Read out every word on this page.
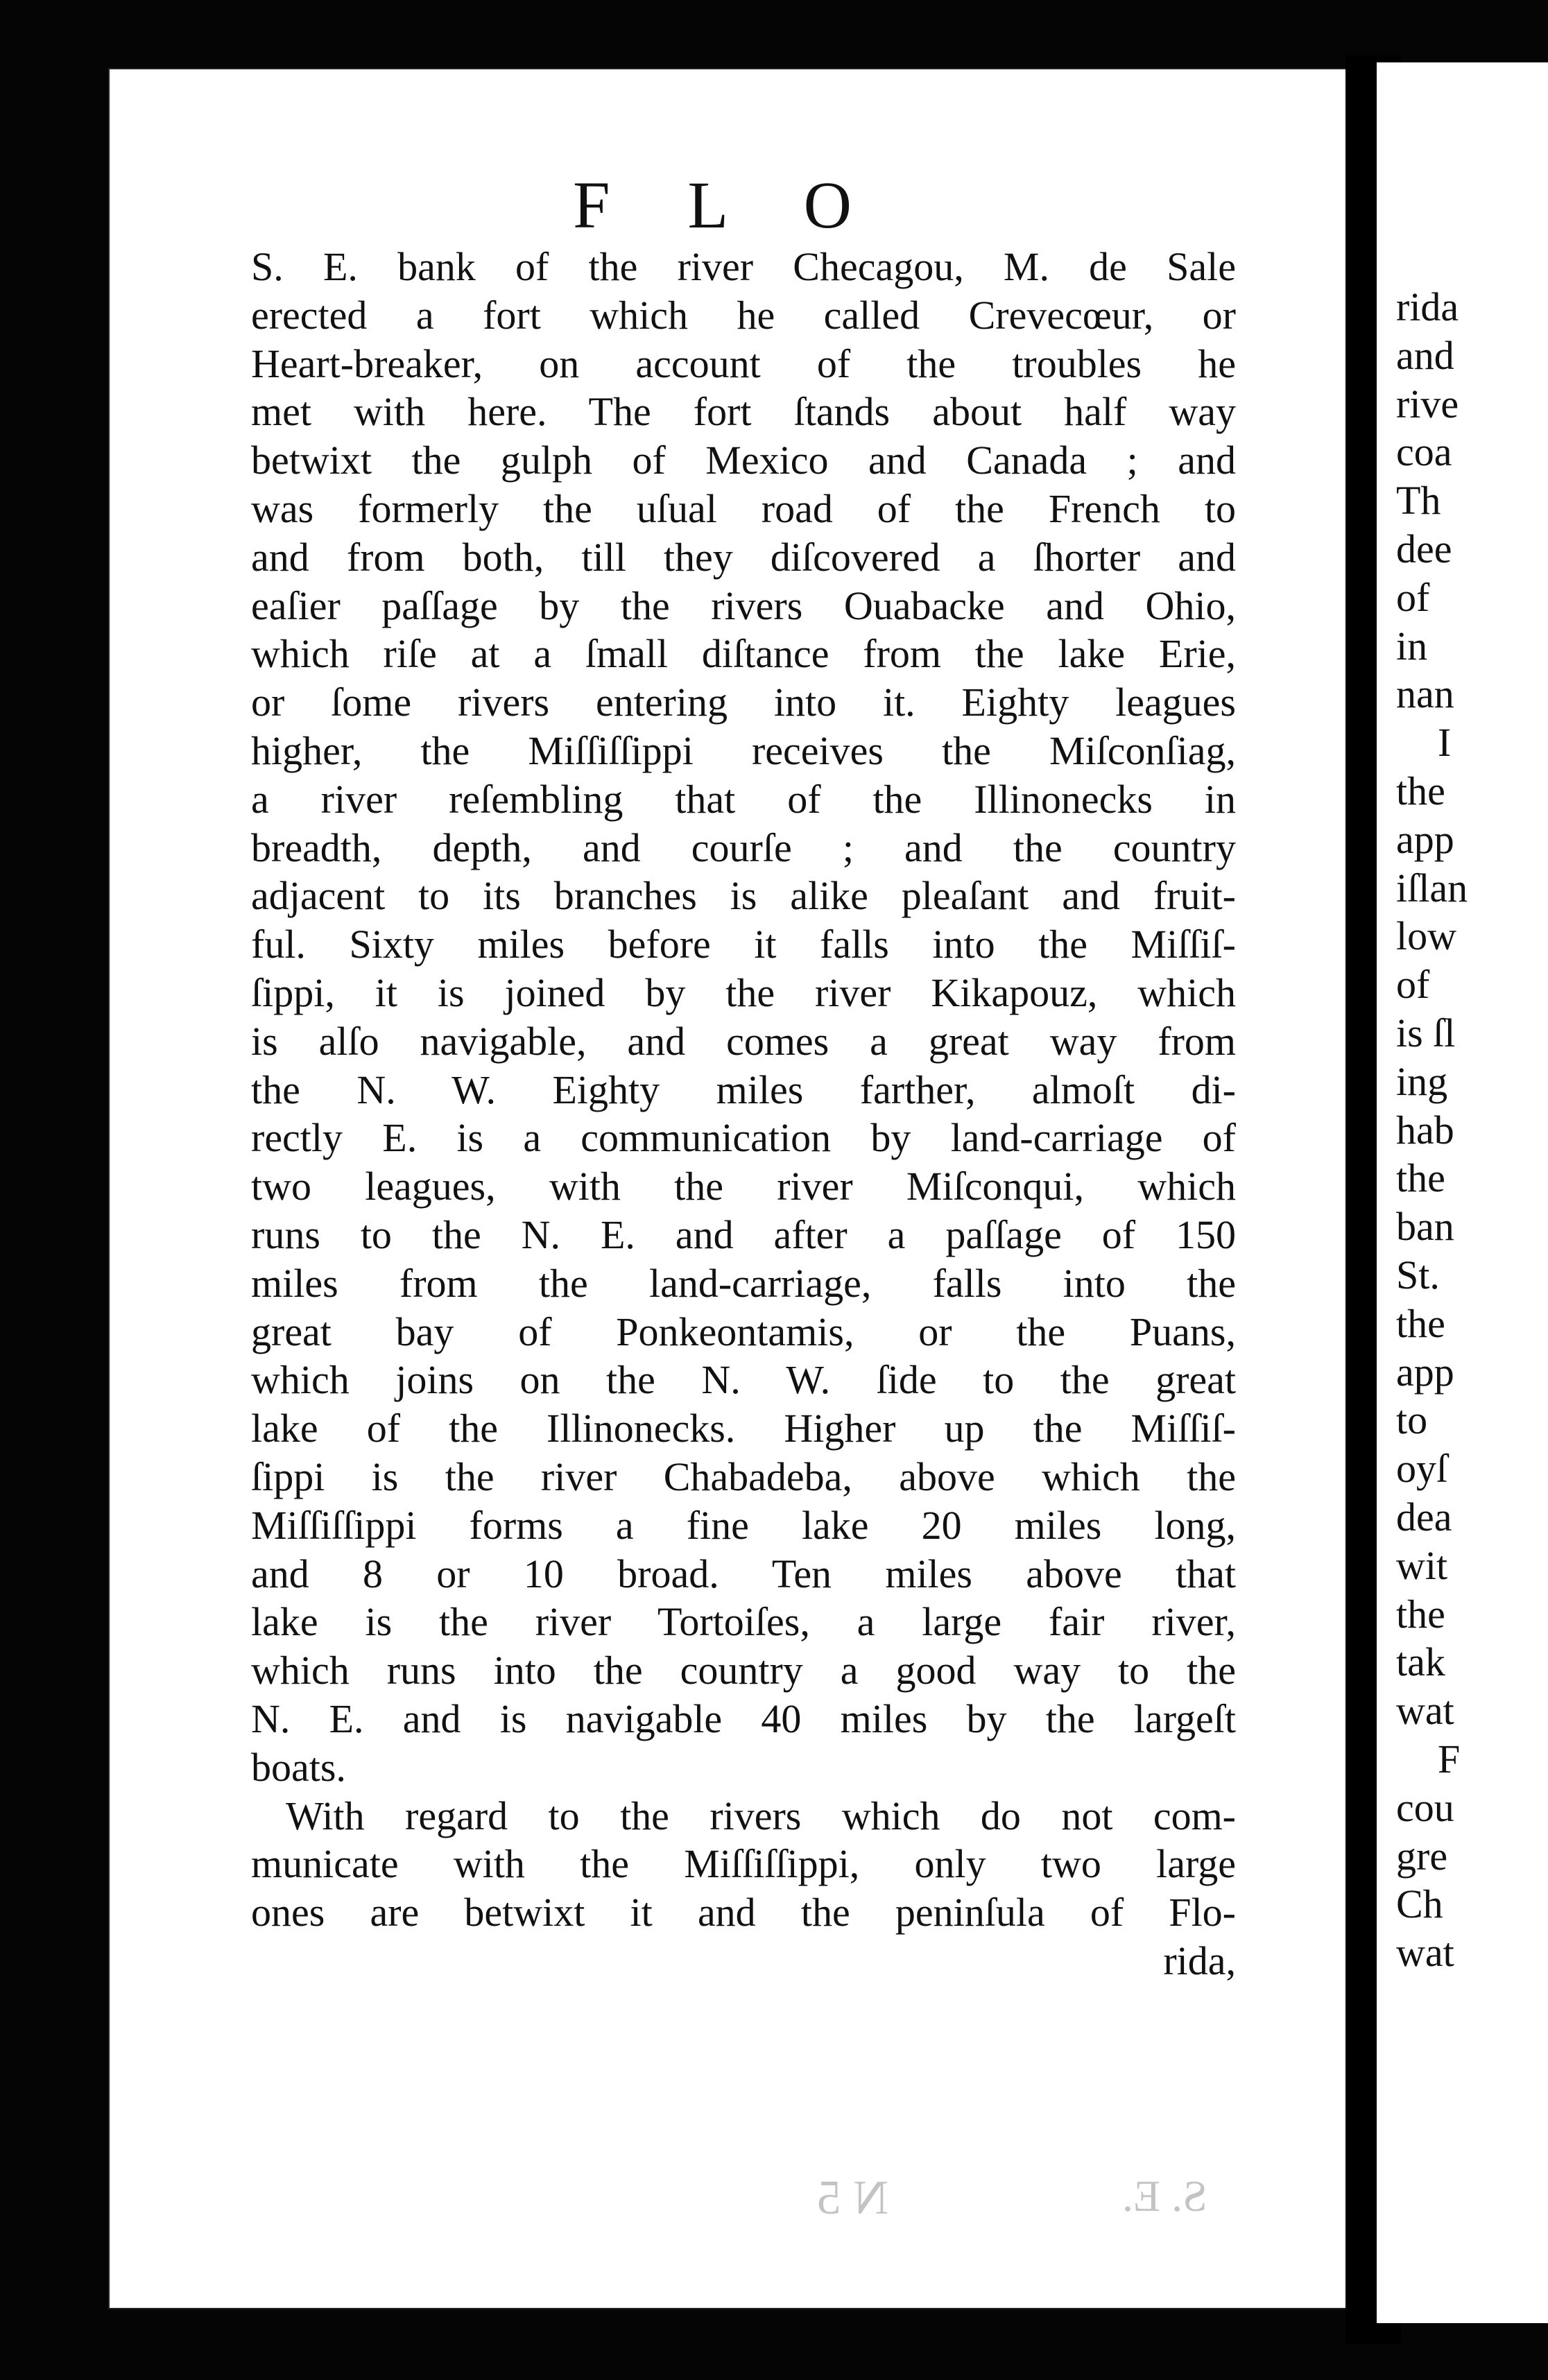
F L O
S. E. bank of the river Checagou, M. de Sale
erected a fort which he called Crevecœur, or
Heart-breaker, on account of the troubles he
met with here. The fort ſtands about half way
betwixt the gulph of Mexico and Canada ; and
was formerly the uſual road of the French to
and from both, till they diſcovered a ſhorter and
eaſier paſſage by the rivers Ouabacke and Ohio,
which riſe at a ſmall diſtance from the lake Erie,
or ſome rivers entering into it. Eighty leagues
higher, the Miſſiſſippi receives the Miſconſiag,
a river reſembling that of the Illinonecks in
breadth, depth, and courſe ; and the country
adjacent to its branches is alike pleaſant and fruit-
ful. Sixty miles before it falls into the Miſſiſ-
ſippi, it is joined by the river Kikapouz, which
is alſo navigable, and comes a great way from
the N. W. Eighty miles farther, almoſt di-
rectly E. is a communication by land-carriage of
two leagues, with the river Miſconqui, which
runs to the N. E. and after a paſſage of 150
miles from the land-carriage, falls into the
great bay of Ponkeontamis, or the Puans,
which joins on the N. W. ſide to the great
lake of the Illinonecks. Higher up the Miſſiſ-
ſippi is the river Chabadeba, above which the
Miſſiſſippi forms a fine lake 20 miles long,
and 8 or 10 broad. Ten miles above that
lake is the river Tortoiſes, a large fair river,
which runs into the country a good way to the
N. E. and is navigable 40 miles by the largeſt
boats.
With regard to the rivers which do not com-
municate with the Miſſiſſippi, only two large
ones are betwixt it and the peninſula of Flo-
rida,
N 5	S. E.
rida
and
rive
coa
Th
dee
of
in
nan
I
the
app
iſlan
low
of
is ſl
ing
hab
the
ban
St.
the
app
to
oyſ
dea
wit
the
tak
wat
F
cou
gre
Ch
wat
